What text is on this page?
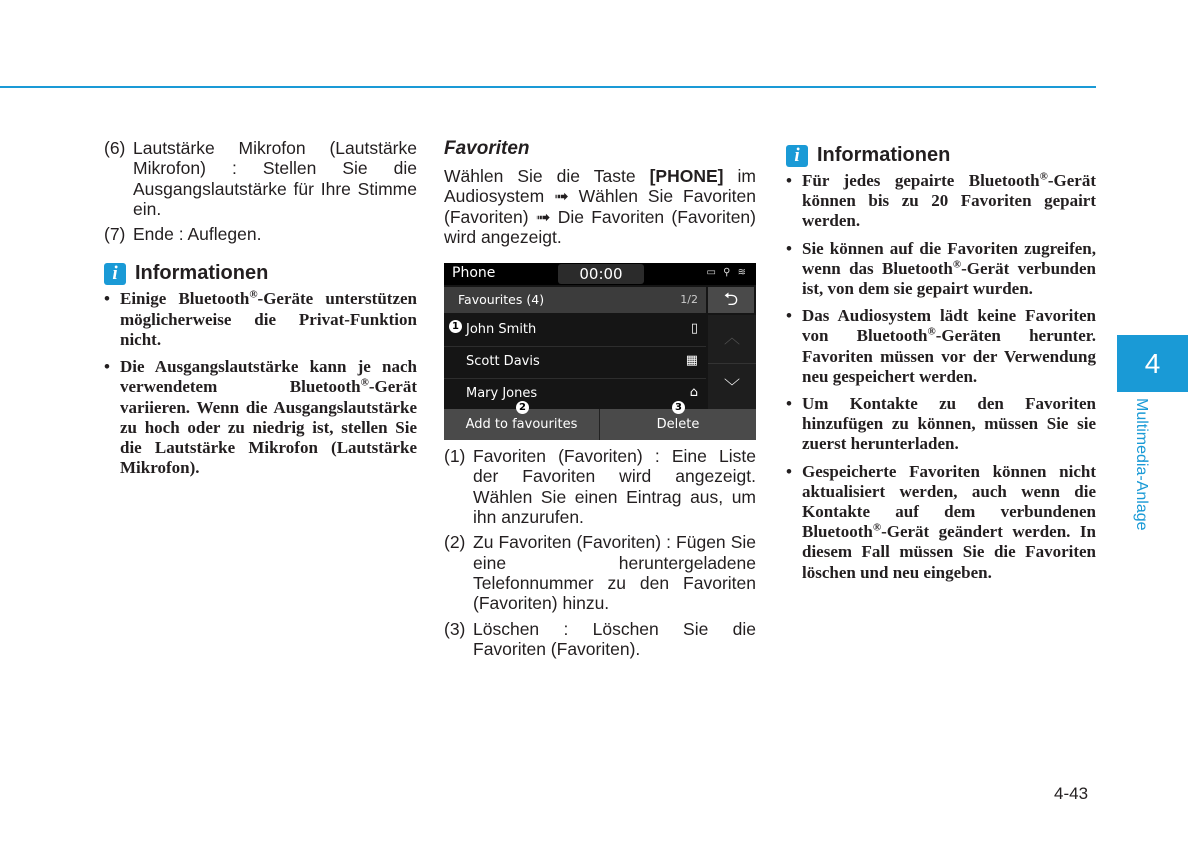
(6) Lautstärke Mikrofon (Lautstärke Mikrofon) : Stellen Sie die Ausgangslautstärke für Ihre Stimme ein.
(7) Ende : Auflegen.
i Informationen
• Einige Bluetooth®-Geräte unterstützen möglicherweise die Privat-Funktion nicht.
• Die Ausgangslautstärke kann je nach verwendetem Bluetooth®-Gerät variieren. Wenn die Ausgangslautstärke zu hoch oder zu niedrig ist, stellen Sie die Lautstärke Mikrofon (Lautstärke Mikrofon).
Favoriten
Wählen Sie die Taste [PHONE] im Audiosystem ➟ Wählen Sie Favoriten (Favoriten) ➟ Die Favoriten (Favoriten) wird angezeigt.
Phone	00:00	▭ ⚲ ≋
Favourites (4)	1/2	⮌
John Smith	▯
Scott Davis	▦
Mary Jones	⌂
︿
﹀
Add to favourites	Delete
1
2	3
(1) Favoriten (Favoriten) : Eine Liste der Favoriten wird angezeigt. Wählen Sie einen Eintrag aus, um ihn anzurufen.
(2) Zu Favoriten (Favoriten) : Fügen Sie eine heruntergeladene Telefonnummer zu den Favoriten (Favoriten) hinzu.
(3) Löschen : Löschen Sie die Favoriten (Favoriten).
i Informationen
• Für jedes gepairte Bluetooth®-Gerät können bis zu 20 Favoriten gepairt werden.
• Sie können auf die Favoriten zugreifen, wenn das Bluetooth®-Gerät verbunden ist, von dem sie gepairt wurden.
• Das Audiosystem lädt keine Favoriten von Bluetooth®-Geräten herunter. Favoriten müssen vor der Verwendung neu gespeichert werden.
• Um Kontakte zu den Favoriten hinzufügen zu können, müssen Sie sie zuerst herunterladen.
• Gespeicherte Favoriten können nicht aktualisiert werden, auch wenn die Kontakte auf dem verbundenen Bluetooth®-Gerät geändert werden. In diesem Fall müssen Sie die Favoriten löschen und neu eingeben.
4
Multimedia-Anlage
4-43
